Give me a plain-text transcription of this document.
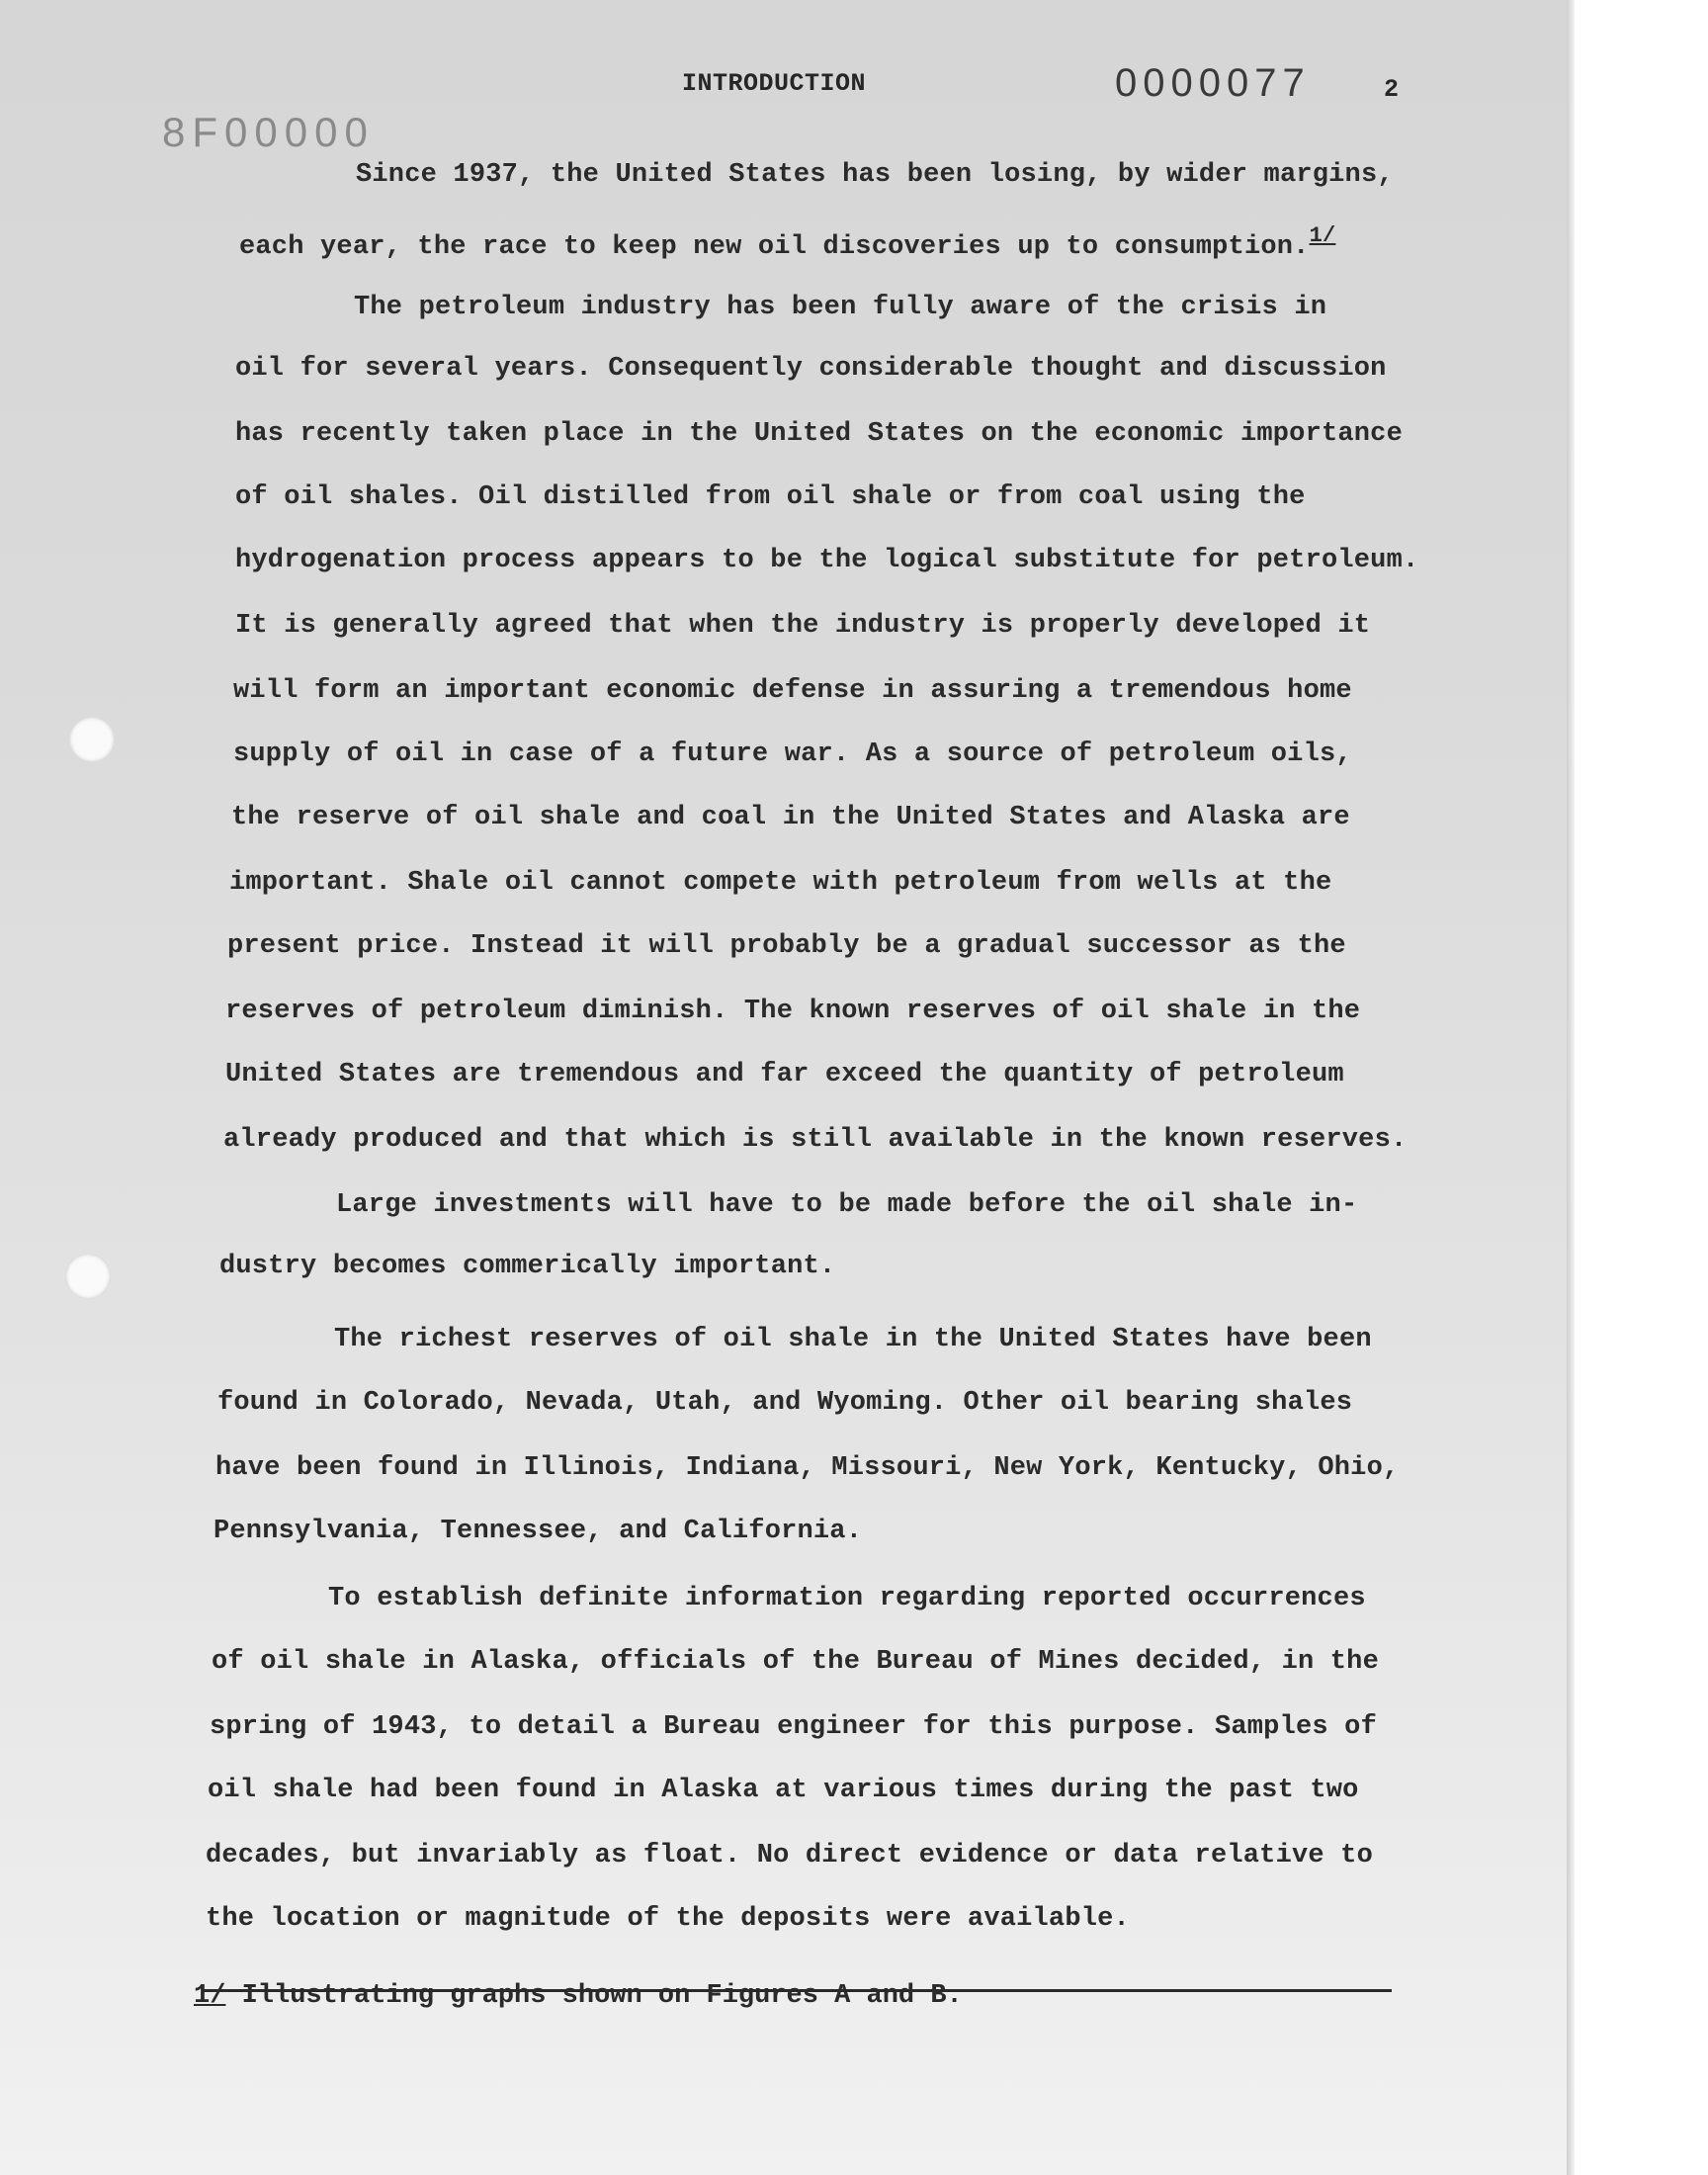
INTRODUCTION	0000077	2
8F00000
Since 1937, the United States has been losing, by wider margins,
each year, the race to keep new oil discoveries up to consumption.$^{1/}$
The petroleum industry has been fully aware of the crisis in
oil for several years. Consequently considerable thought and discussion
has recently taken place in the United States on the economic importance
of oil shales. Oil distilled from oil shale or from coal using the
hydrogenation process appears to be the logical substitute for petroleum.
It is generally agreed that when the industry is properly developed it
will form an important economic defense in assuring a tremendous home
supply of oil in case of a future war. As a source of petroleum oils,
the reserve of oil shale and coal in the United States and Alaska are
important. Shale oil cannot compete with petroleum from wells at the
present price. Instead it will probably be a gradual successor as the
reserves of petroleum diminish. The known reserves of oil shale in the
United States are tremendous and far exceed the quantity of petroleum
already produced and that which is still available in the known reserves.
Large investments will have to be made before the oil shale in-
dustry becomes commerically important.
The richest reserves of oil shale in the United States have been
found in Colorado, Nevada, Utah, and Wyoming. Other oil bearing shales
have been found in Illinois, Indiana, Missouri, New York, Kentucky, Ohio,
Pennsylvania, Tennessee, and California.
To establish definite information regarding reported occurrences
of oil shale in Alaska, officials of the Bureau of Mines decided, in the
spring of 1943, to detail a Bureau engineer for this purpose. Samples of
oil shale had been found in Alaska at various times during the past two
decades, but invariably as float. No direct evidence or data relative to
the location or magnitude of the deposits were available.
1/ Illustrating graphs shown on Figures A and B.
